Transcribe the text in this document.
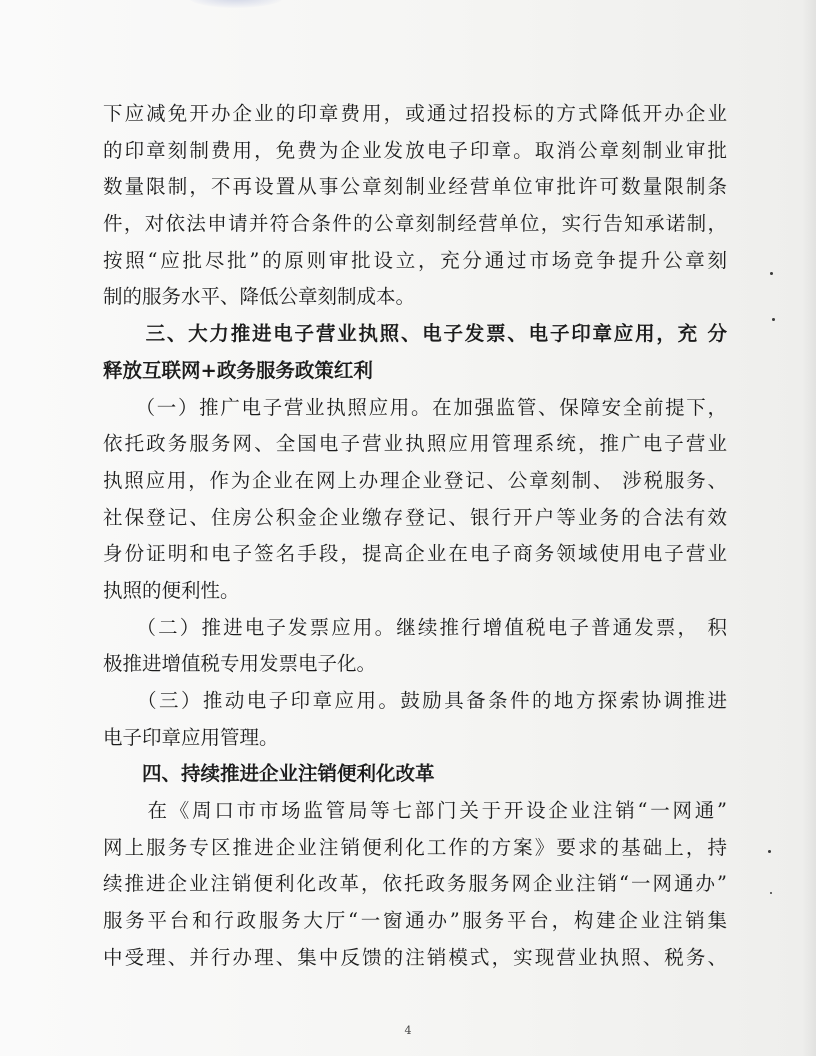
下应减免开办企业的印章费用，或通过招投标的方式降低开办企业
的印章刻制费用，免费为企业发放电子印章。取消公章刻制业审批
数量限制，不再设置从事公章刻制业经营单位审批许可数量限制条
件，对依法申请并符合条件的公章刻制经营单位，实行告知承诺制，
按照“应批尽批”的原则审批设立，充分通过市场竞争提升公章刻
制的服务水平、降低公章刻制成本。
　　三、大力推进电子营业执照、电子发票、电子印章应用，充 分
释放互联网+政务服务政策红利
　　（一）推广电子营业执照应用。在加强监管、保障安全前提下，
依托政务服务网、全国电子营业执照应用管理系统，推广电子营业
执照应用，作为企业在网上办理企业登记、公章刻制、 涉税服务、
社保登记、住房公积金企业缴存登记、银行开户等业务的合法有效
身份证明和电子签名手段，提高企业在电子商务领域使用电子营业
执照的便利性。
　　（二）推进电子发票应用。继续推行增值税电子普通发票， 积
极推进增值税专用发票电子化。
　　（三）推动电子印章应用。鼓励具备条件的地方探索协调推进
电子印章应用管理。
　　四、持续推进企业注销便利化改革
　　在《周口市市场监管局等七部门关于开设企业注销“一网通”
网上服务专区推进企业注销便利化工作的方案》要求的基础上，持
续推进企业注销便利化改革，依托政务服务网企业注销“一网通办”
服务平台和行政服务大厅“一窗通办”服务平台，构建企业注销集
中受理、并行办理、集中反馈的注销模式，实现营业执照、税务、
4
